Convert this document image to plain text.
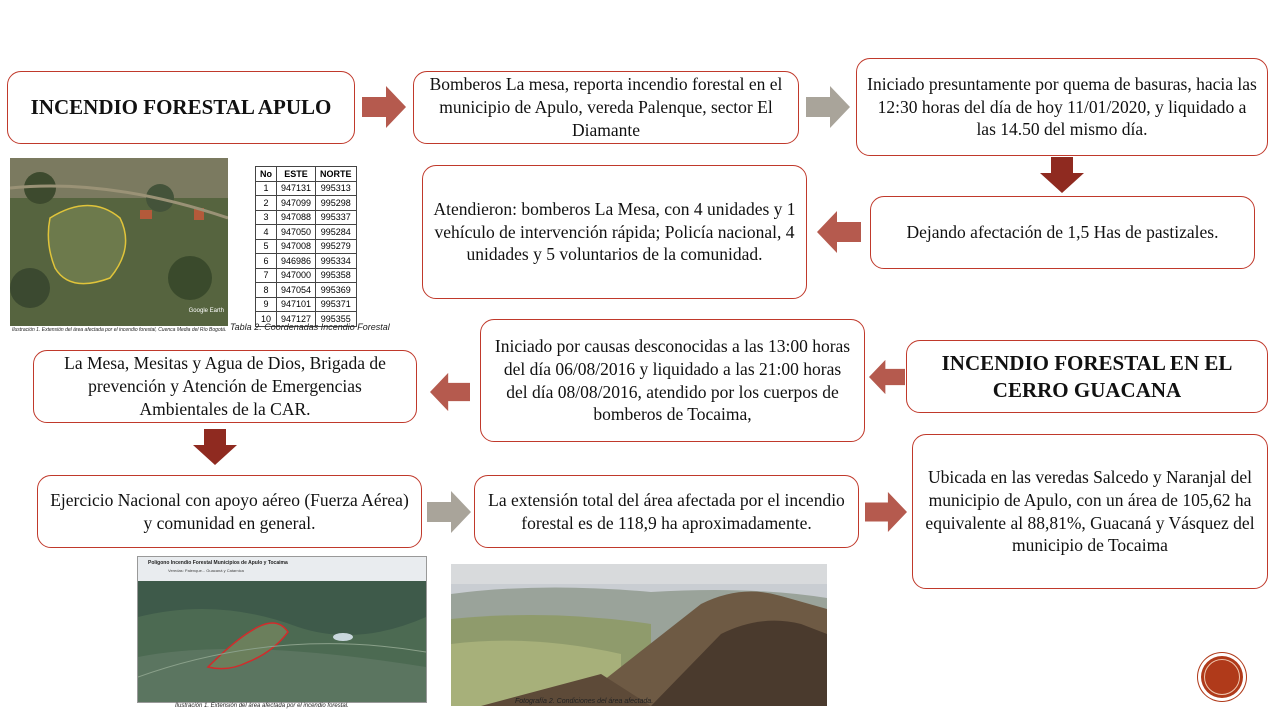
INCENDIO FORESTAL APULO
Bomberos La mesa, reporta incendio forestal en el municipio de Apulo, vereda Palenque, sector El Diamante
Iniciado presuntamente por quema de basuras, hacia las 12:30 horas del día de hoy 11/01/2020, y liquidado a las 14.50 del mismo día.
Dejando afectación de 1,5 Has de pastizales.
Atendieron: bomberos La Mesa, con 4 unidades y 1 vehículo de intervención rápida; Policía nacional, 4 unidades y 5 voluntarios de la comunidad.
INCENDIO FORESTAL EN EL CERRO GUACANA
Iniciado por causas desconocidas a las 13:00 horas del día 06/08/2016 y liquidado a las 21:00 horas del día 08/08/2016, atendido por los cuerpos de bomberos de Tocaima,
La Mesa, Mesitas y Agua de Dios, Brigada de prevención y Atención de Emergencias Ambientales de la CAR.
Ejercicio Nacional con apoyo aéreo (Fuerza Aérea) y comunidad en general.
La extensión total del área afectada por el incendio forestal es de 118,9 ha aproximadamente.
Ubicada en las veredas Salcedo y Naranjal del municipio de Apulo, con un área de 105,62 ha equivalente al 88,81%, Guacaná y Vásquez del municipio de Tocaima
Google Earth
Ilustración 1. Extensión del área afectada por el incendio forestal, Cuenca Media del Río Bogotá.
No	ESTE	NORTE
1	947131	995313
2	947099	995298
3	947088	995337
4	947050	995284
5	947008	995279
6	946986	995334
7	947000	995358
8	947054	995369
9	947101	995371
10	947127	995355
Tabla 2. Coordenadas Incendio Forestal
Polígono Incendio Forestal Municipios de Apulo y Tocaima
Veredas: Palenque... Guacaná y Catarnica
Ilustración 1. Extensión del área afectada por el incendio forestal.
Fotografía 2. Condiciones del área afectada.
